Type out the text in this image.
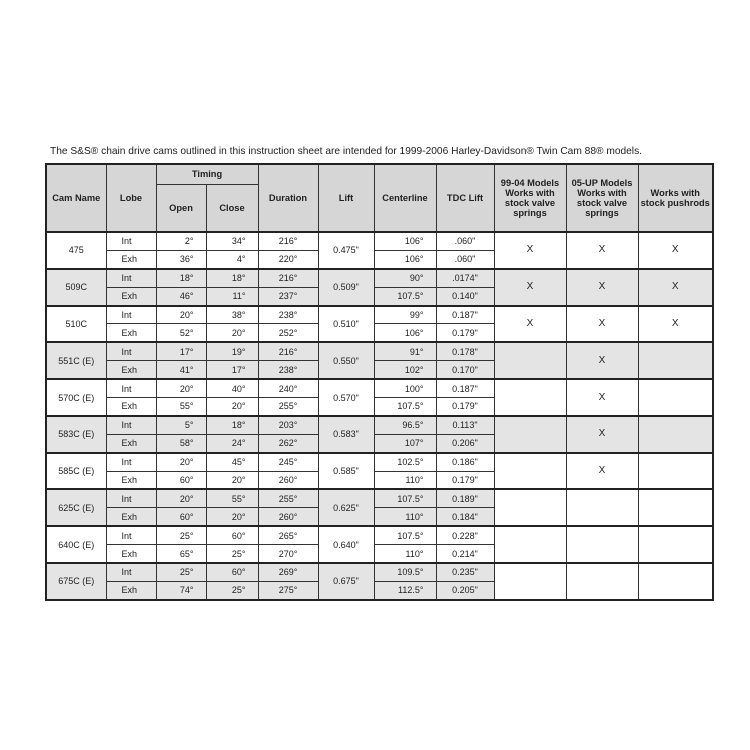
The S&S® chain drive cams outlined in this instruction sheet are intended for 1999-2006 Harley-Davidson® Twin Cam 88® models.
Cam Name	Lobe	Timing		Duration	Lift	Centerline	TDC Lift	99-04 Models Works with stock valve springs	05-UP Models Works with stock valve springs	Works with stock pushrods
		Open	Close							
475	Int	2°	34°	216°	0.475"	106°	.060"	X	X	X
	Exh	36°	4°	220°		106°	.060"			
509C	Int	18°	18°	216°	0.509"	90°	.0174"	X	X	X
	Exh	46°	11°	237°		107.5°	0.140"			
510C	Int	20°	38°	238°	0.510"	99°	0.187"	X	X	X
	Exh	52°	20°	252°		106°	0.179"			
551C (E)	Int	17°	19°	216°	0.550"	91°	0.178"		X	
	Exh	41°	17°	238°		102°	0.170"			
570C (E)	Int	20°	40°	240°	0.570"	100°	0.187"		X	
	Exh	55°	20°	255°		107.5°	0.179"			
583C (E)	Int	5°	18°	203°	0.583"	96.5°	0.113"		X	
	Exh	58°	24°	262°		107°	0.206"			
585C (E)	Int	20°	45°	245°	0.585"	102.5°	0.186"		X	
	Exh	60°	20°	260°		110°	0.179"			
625C (E)	Int	20°	55°	255°	0.625"	107.5°	0.189"			
	Exh	60°	20°	260°		110°	0.184"			
640C (E)	Int	25°	60°	265°	0.640"	107.5°	0.228"			
	Exh	65°	25°	270°		110°	0.214"			
675C (E)	Int	25°	60°	269°	0.675"	109.5°	0.235"			
	Exh	74°	25°	275°		112.5°	0.205"			
